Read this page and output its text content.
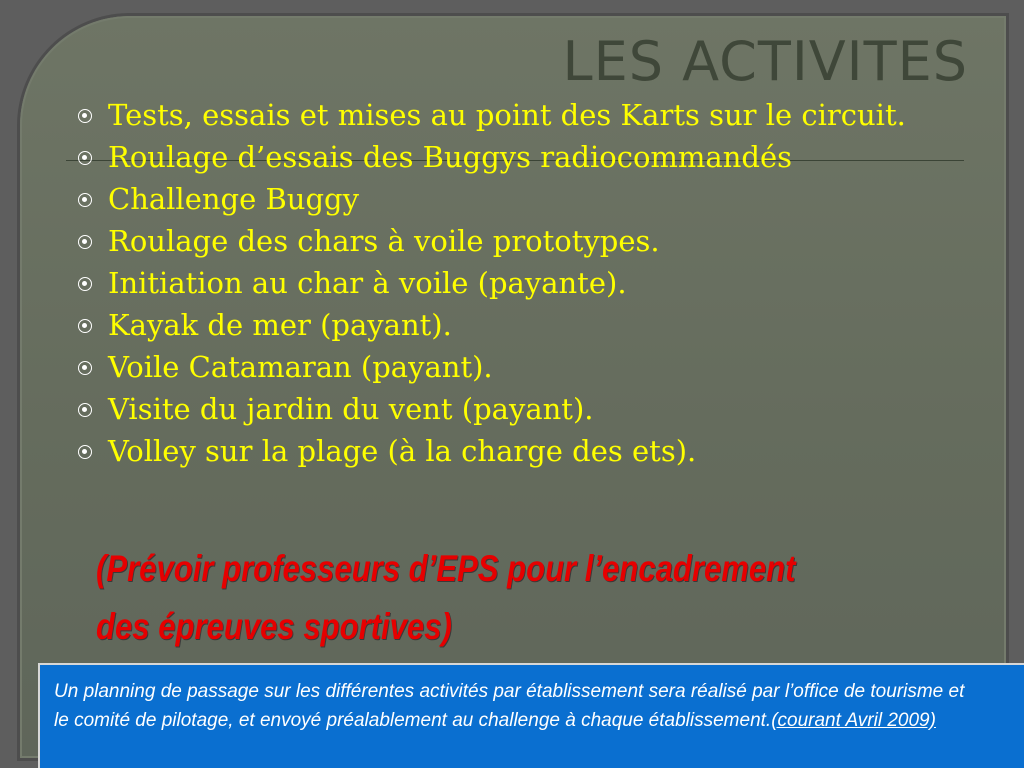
LES ACTIVITES
Tests, essais et mises au point des Karts sur le circuit.
Roulage d’essais des Buggys radiocommandés
Challenge Buggy
Roulage des chars à voile prototypes.
Initiation au char à voile (payante).
Kayak de mer (payant).
Voile Catamaran (payant).
Visite du jardin du vent (payant).
Volley sur la plage (à la charge des ets).
(Prévoir professeurs d’EPS pour l’encadrement des épreuves sportives)
Un planning de passage sur les différentes activités par établissement sera réalisé par l’office de tourisme et le comité de pilotage, et envoyé préalablement au challenge à chaque établissement.(courant Avril 2009)
